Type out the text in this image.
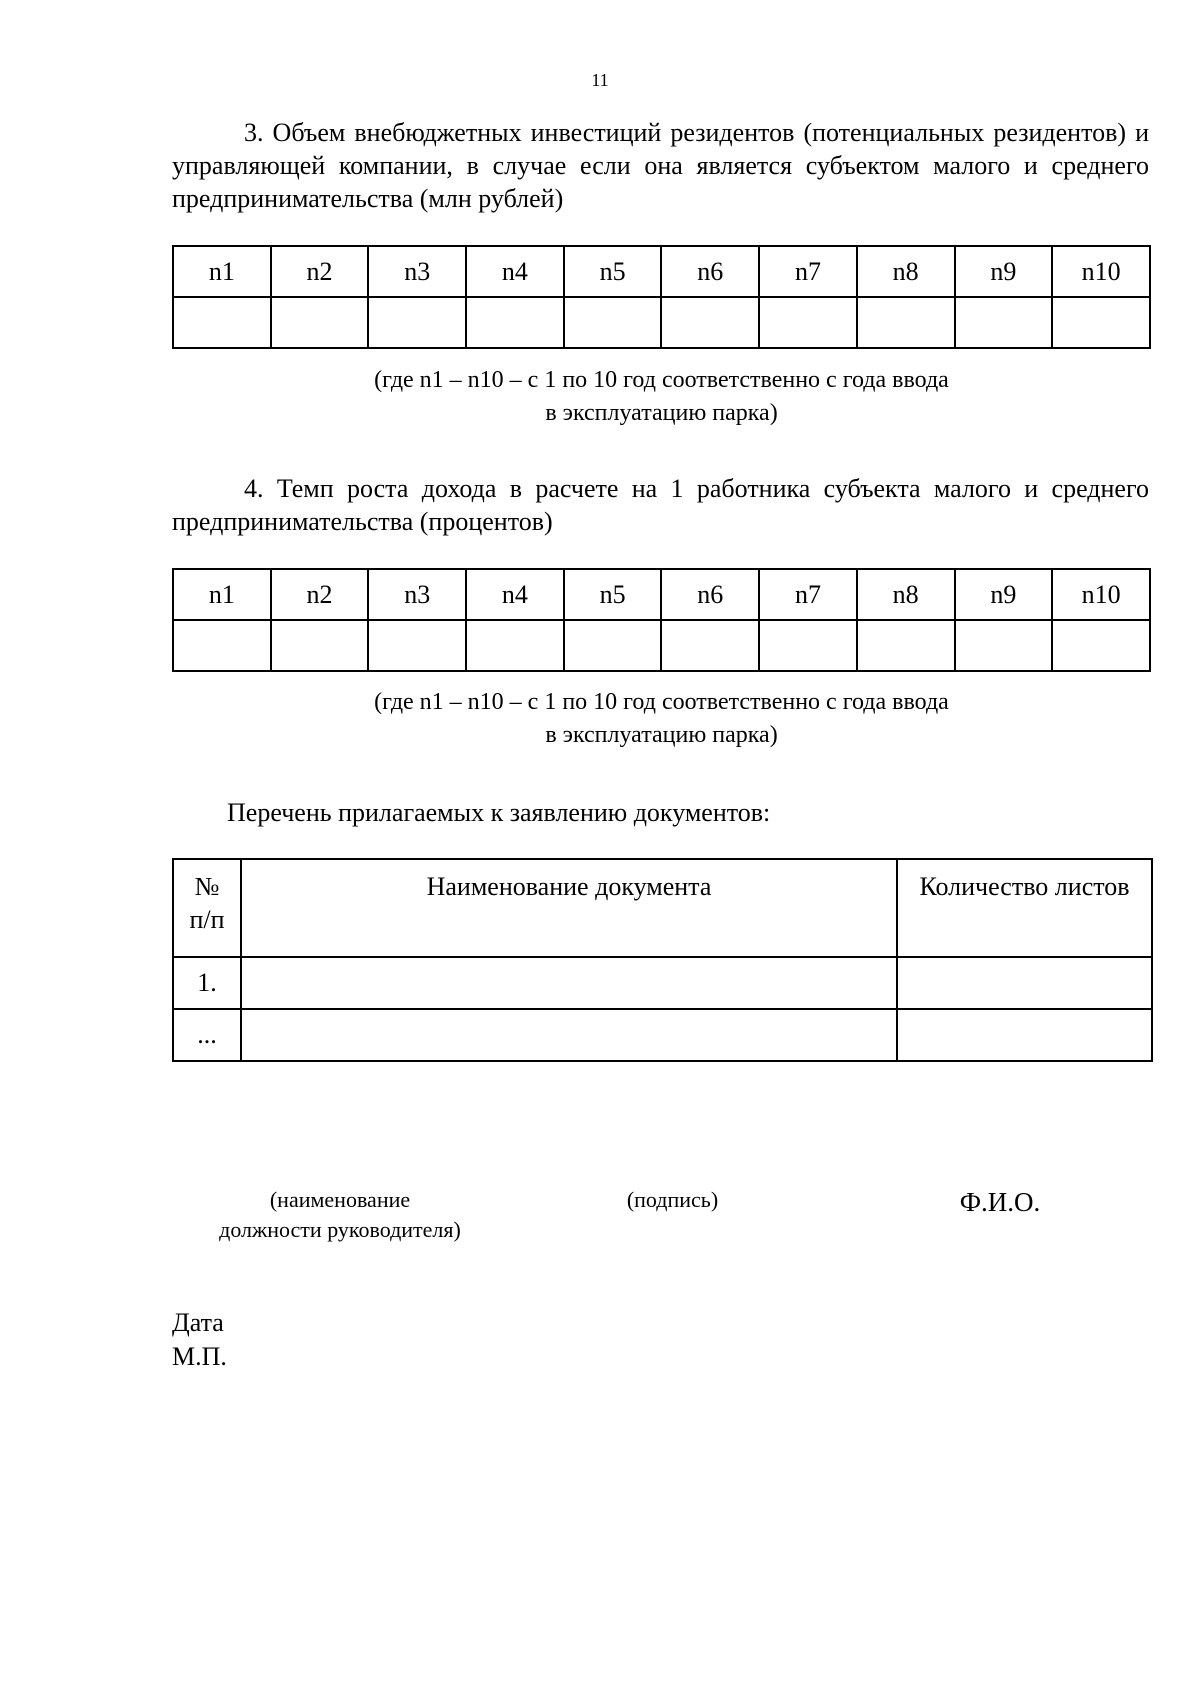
11

3. Объем внебюджетных инвестиций резидентов (потенциальных резидентов) и управляющей компании, в случае если она является субъектом малого и среднего предпринимательства (млн рублей)

n1	n2	n3	n4	n5	n6	n7	n8	n9	n10

(где n1 – n10 – с 1 по 10 год соответственно с года ввода
в эксплуатацию парка)

4. Темп роста дохода в расчете на 1 работника субъекта малого и среднего предпринимательства (процентов)

n1	n2	n3	n4	n5	n6	n7	n8	n9	n10

(где n1 – n10 – с 1 по 10 год соответственно с года ввода
в эксплуатацию парка)

Перечень прилагаемых к заявлению документов:

№
п/п	Наименование документа	Количество листов
1.		
...		
(наименование
должности руководителя)
(подпись)	Ф.И.О.
Дата
М.П.
